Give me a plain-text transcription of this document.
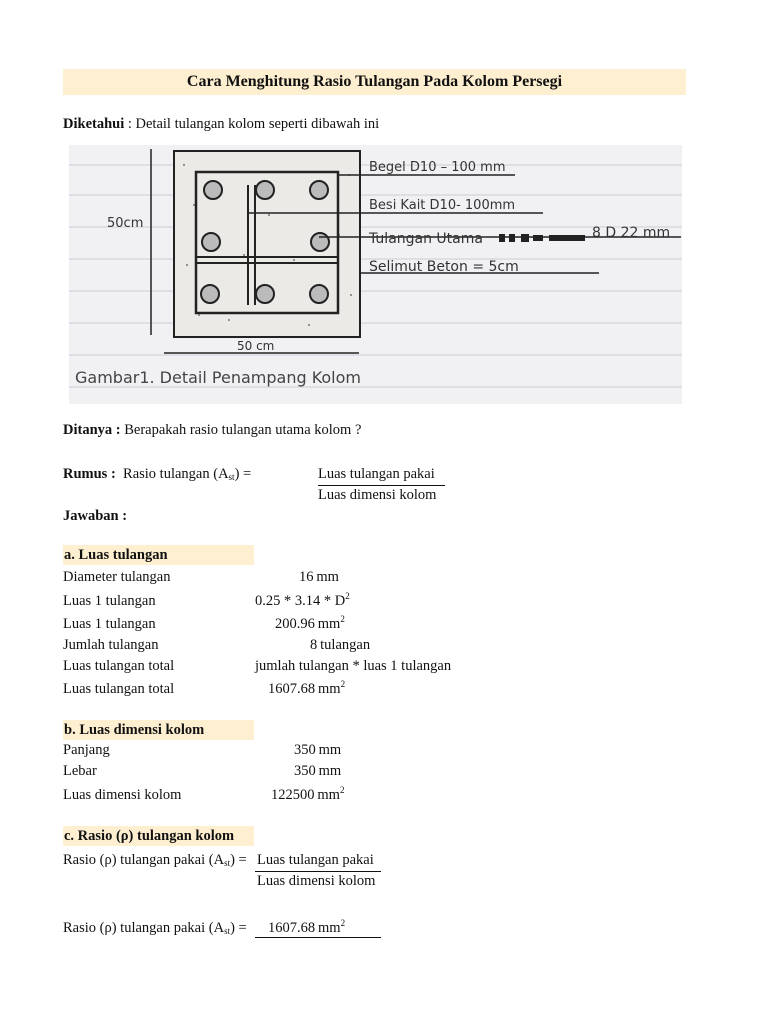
Cara Menghitung Rasio Tulangan Pada Kolom Persegi
Diketahui : Detail tulangan kolom seperti dibawah ini
50cm
50 cm
Begel D10 – 100 mm
Besi Kait D10- 100mm
Tulangan Utama	8 D 22 mm
Selimut Beton = 5cm
Gambar1. Detail Penampang Kolom
Ditanya : Berapakah rasio tulangan utama kolom ?
Rumus : Rasio tulangan $(A_{st})$ =	Luas tulangan pakai
Luas dimensi kolom
Jawaban :
a. Luas tulangan
Diameter tulangan	16  mm
Luas 1 tulangan	$0.25 * 3.14 * D^2$
Luas 1 tulangan	200.96  $mm^2$
Jumlah tulangan	8  tulangan
Luas tulangan total	jumlah tulangan * luas 1 tulangan
Luas tulangan total	1607.68  $mm^2$
b. Luas dimensi kolom
Panjang	350  mm
Lebar	350  mm
Luas dimensi kolom	122500  $mm^2$
c. Rasio (ρ) tulangan kolom
Rasio (ρ) tulangan pakai $(A_{st})$ = Luas tulangan pakai
Luas dimensi kolom
Rasio (ρ) tulangan pakai $(A_{st}) = 1607.68$  $mm^2$
